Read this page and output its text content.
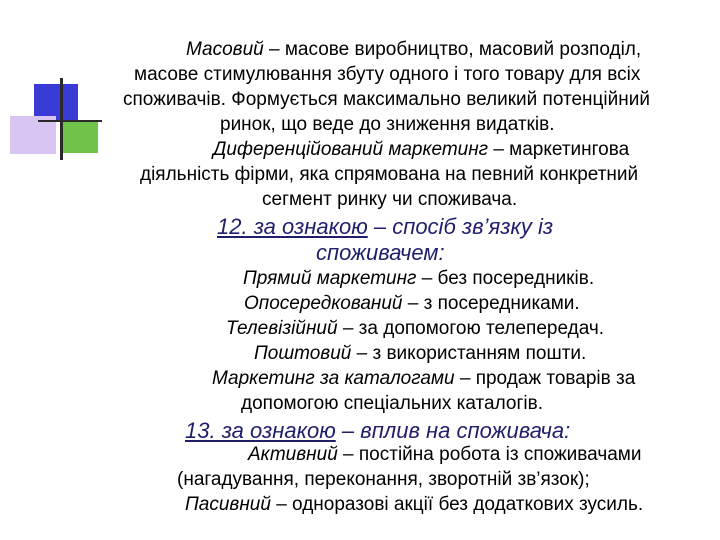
Масовий – масове виробництво, масовий розподіл,
масове стимулювання збуту одного і того товару для всіх
споживачів. Формується максимально великий потенційний
ринок, що веде до зниження видатків.
Диференційований маркетинг – маркетингова
діяльність фірми, яка спрямована на певний конкретний
сегмент ринку чи споживача.
12. за ознакою – спосіб зв’язку із
споживачем:
Прямий маркетинг – без посередників.
Опосередкований – з посередниками.
Телевізійний – за допомогою телепередач.
Поштовий – з використанням пошти.
Маркетинг за каталогами – продаж товарів за
допомогою спеціальних каталогів.
13. за ознакою – вплив на споживача:
Активний – постійна робота із споживачами
(нагадування, переконання, зворотній зв’язок);
Пасивний – одноразові акції без додаткових зусиль.
